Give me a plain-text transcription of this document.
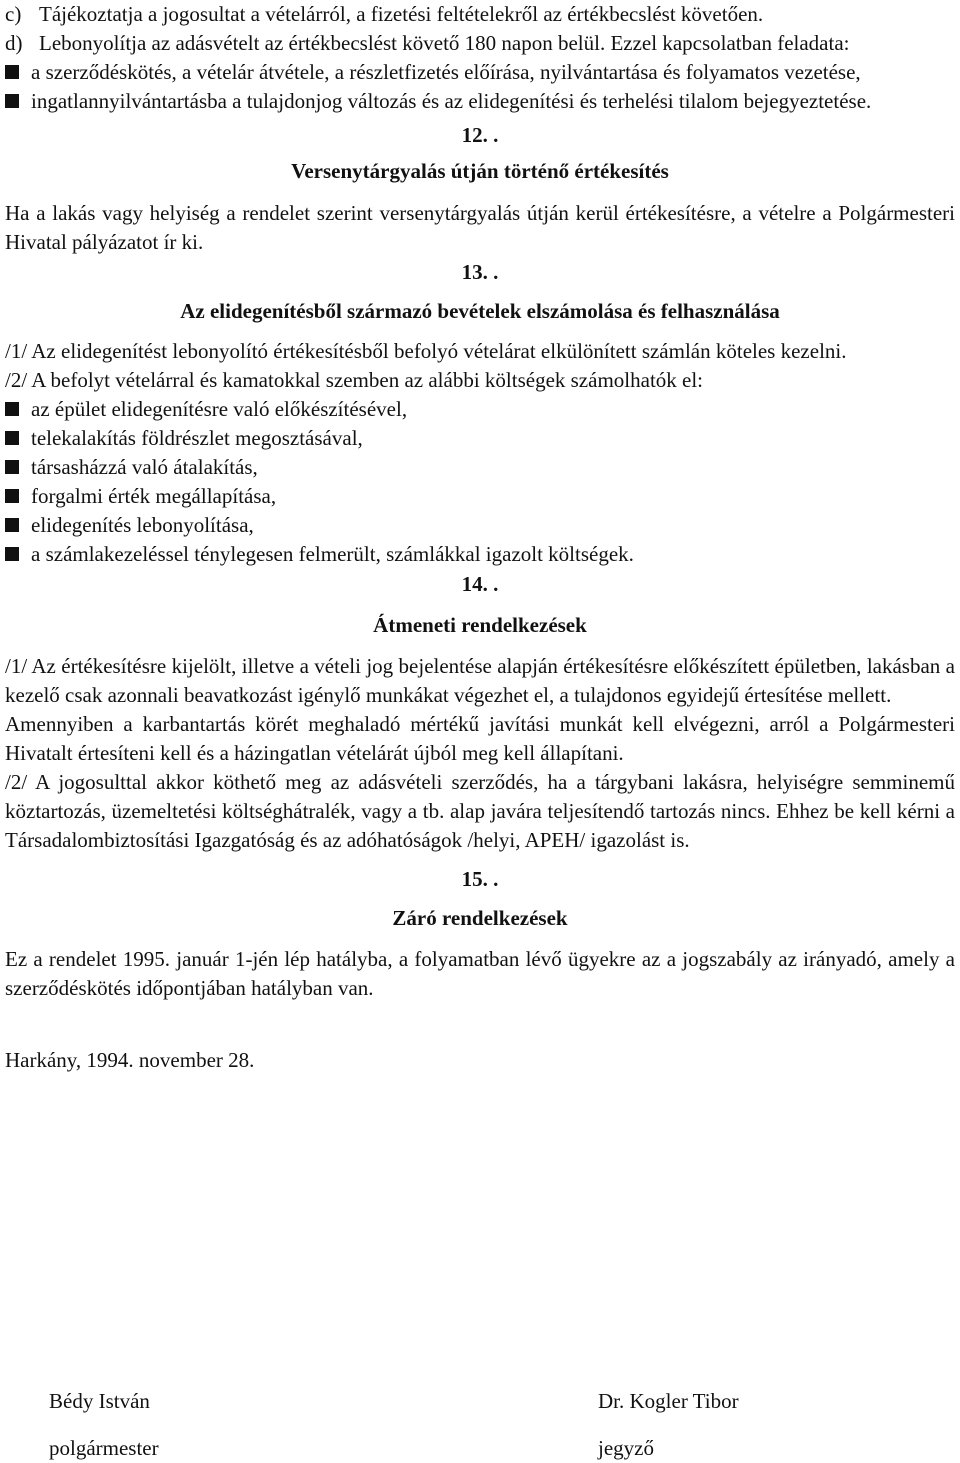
c) Tájékoztatja a jogosultat a vételárról, a fizetési feltételekről az értékbecslést követően.
d) Lebonyolítja az adásvételt az értékbecslést követő 180 napon belül. Ezzel kapcsolatban feladata:
a szerződéskötés, a vételár átvétele, a részletfizetés előírása, nyilvántartása és folyamatos vezetése,
ingatlannyilvántartásba a tulajdonjog változás és az elidegenítési és terhelési tilalom bejegyeztetése.

12. .

Versenytárgyalás útján történő értékesítés

Ha a lakás vagy helyiség a rendelet szerint versenytárgyalás útján kerül értékesítésre, a vételre a Polgármesteri Hivatal pályázatot ír ki.

13. .

Az elidegenítésből származó bevételek elszámolása és felhasználása

/1/ Az elidegenítést lebonyolító értékesítésből befolyó vételárat elkülönített számlán köteles kezelni.

/2/ A befolyt vételárral és kamatokkal szemben az alábbi költségek számolhatók el:

az épület elidegenítésre való előkészítésével,
telekalakítás földrészlet megosztásával,
társasházzá való átalakítás,
forgalmi érték megállapítása,
elidegenítés lebonyolítása,
a számlakezeléssel ténylegesen felmerült, számlákkal igazolt költségek.

14. .

Átmeneti rendelkezések

/1/ Az értékesítésre kijelölt, illetve a vételi jog bejelentése alapján értékesítésre előkészített épületben, lakásban a kezelő csak azonnali beavatkozást igénylő munkákat végezhet el, a tulajdonos egyidejű értesítése mellett.

Amennyiben a karbantartás körét meghaladó mértékű javítási munkát kell elvégezni, arról a Polgármesteri Hivatalt értesíteni kell és a házingatlan vételárát újból meg kell állapítani.

/2/ A jogosulttal akkor köthető meg az adásvételi szerződés, ha a tárgybani lakásra, helyiségre semminemű köztartozás, üzemeltetési költséghátralék, vagy a tb. alap javára teljesítendő tartozás nincs. Ehhez be kell kérni a Társadalombiztosítási Igazgatóság és az adóhatóságok /helyi, APEH/ igazolást is.

15. .

Záró rendelkezések

Ez a rendelet 1995. január 1-jén lép hatályba, a folyamatban lévő ügyekre az a jogszabály az irányadó, amely a szerződéskötés időpontjában hatályban van.

Harkány, 1994. november 28.

Bédy István
polgármester
Dr. Kogler Tibor
jegyző
